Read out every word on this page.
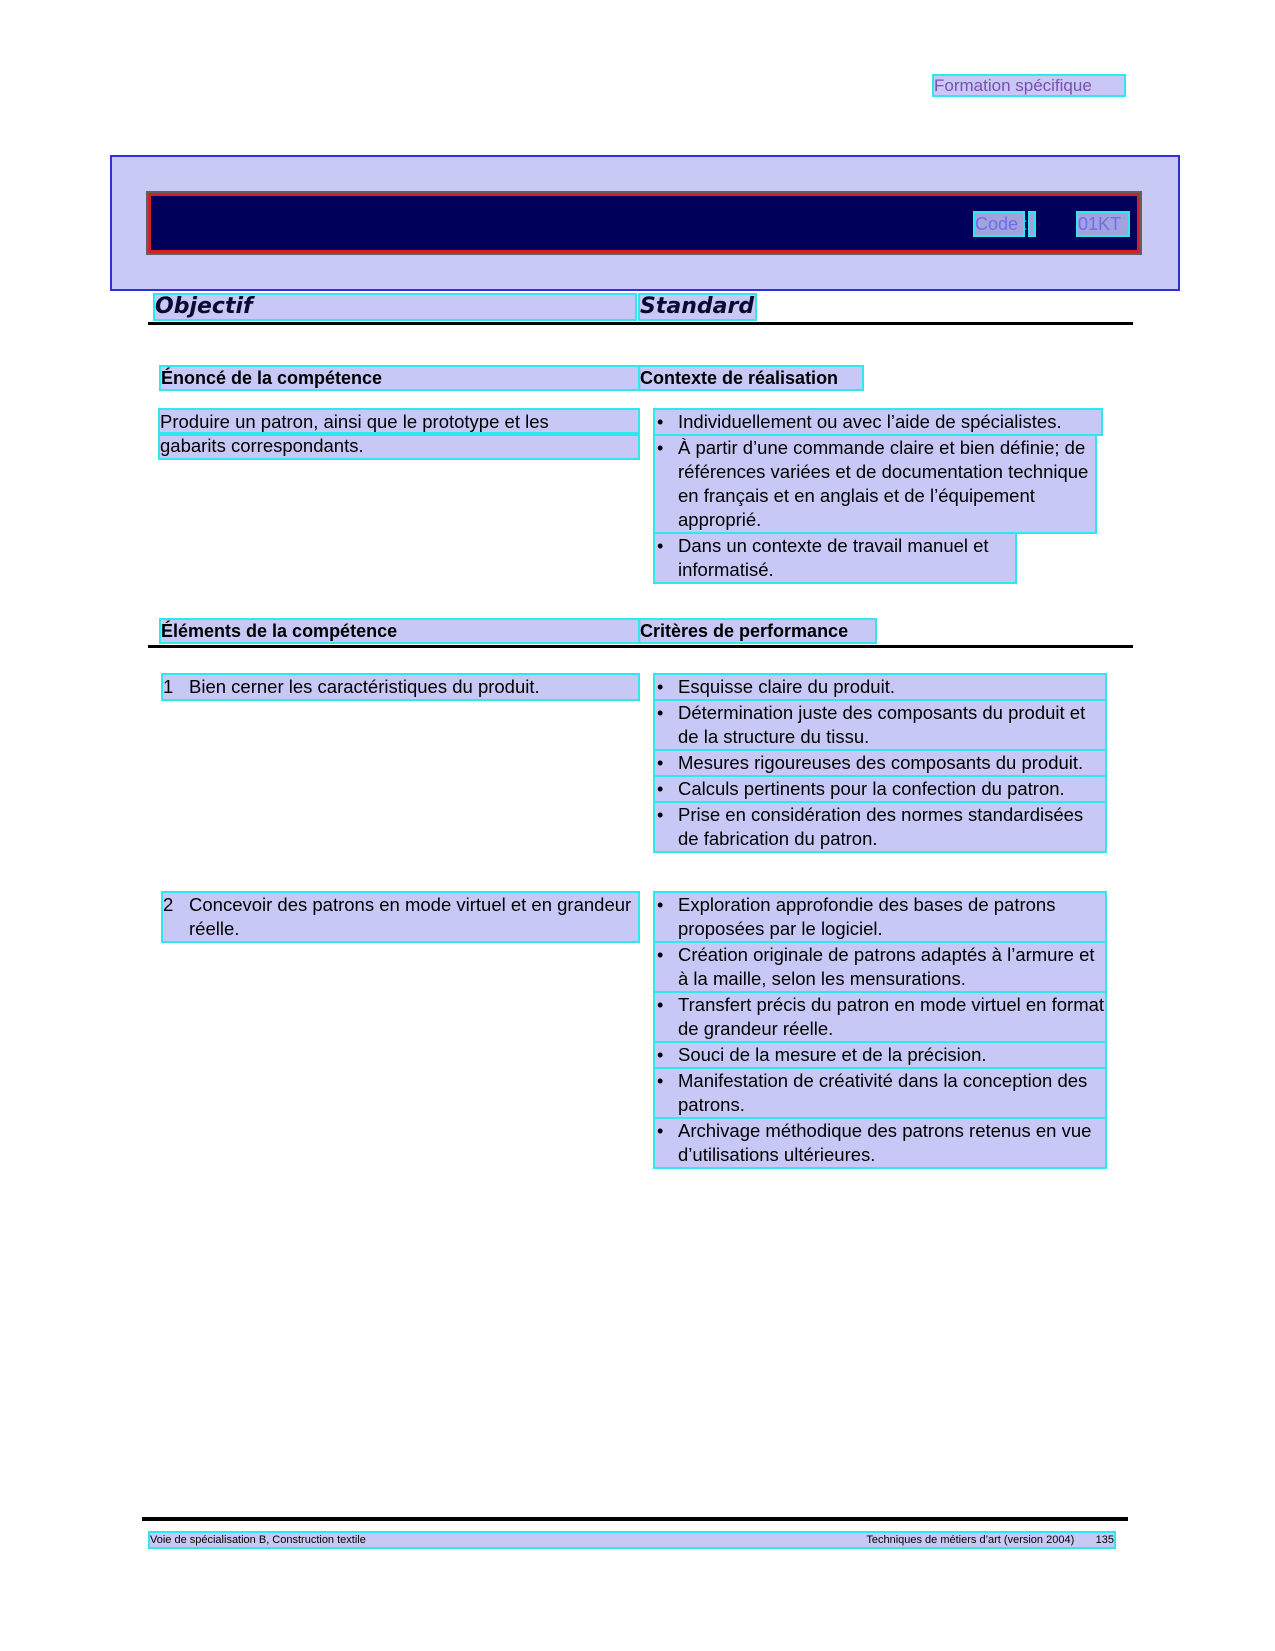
Formation spécifique
Code :	01KT
Objectif	Standard
Énoncé de la compétence	Contexte de réalisation
Produire un patron, ainsi que le prototype et les
gabarits correspondants.
• Individuellement ou avec l’aide de spécialistes.
• À partir d’une commande claire et bien définie; de références variées et de documentation technique en français et en anglais et de l’équipement approprié.
• Dans un contexte de travail manuel et informatisé.
Éléments de la compétence	Critères de performance
1 Bien cerner les caractéristiques du produit.
•	Esquisse claire du produit.
• Détermination juste des composants du produit et de la structure du tissu.
• Mesures rigoureuses des composants du produit.
• Calculs pertinents pour la confection du patron.
• Prise en considération des normes standardisées de fabrication du patron.
2 Concevoir des patrons en mode virtuel et en grandeur réelle.
• Exploration approfondie des bases de patrons proposées par le logiciel.
• Création originale de patrons adaptés à l’armure et à la maille, selon les mensurations.
• Transfert précis du patron en mode virtuel en format de grandeur réelle.
• Souci de la mesure et de la précision.
• Manifestation de créativité dans la conception des patrons.
• Archivage méthodique des patrons retenus en vue d’utilisations ultérieures.
Voie de spécialisation B, Construction textile	Techniques de métiers d’art (version 2004) 135
